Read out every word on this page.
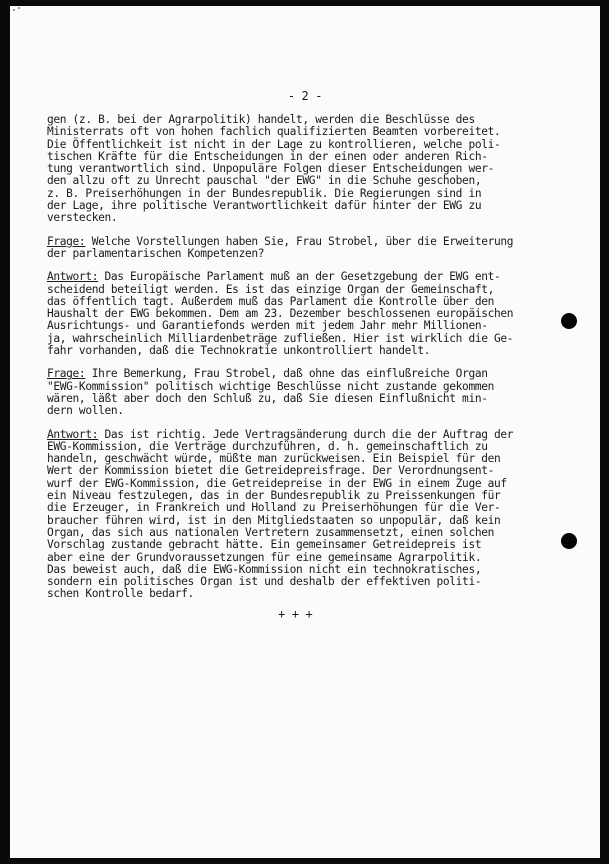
- 2 -
gen (z. B. bei der Agrarpolitik) handelt, werden die Beschlüsse des
Ministerrats oft von hohen fachlich qualifizierten Beamten vorbereitet.
Die Öffentlichkeit ist nicht in der Lage zu kontrollieren, welche poli-
tischen Kräfte für die Entscheidungen in der einen oder anderen Rich-
tung verantwortlich sind. Unpopuläre Folgen dieser Entscheidungen wer-
den allzu oft zu Unrecht pauschal "der EWG" in die Schuhe geschoben,
z. B. Preiserhöhungen in der Bundesrepublik. Die Regierungen sind in
der Lage, ihre politische Verantwortlichkeit dafür hinter der EWG zu
verstecken.
Frage: Welche Vorstellungen haben Sie, Frau Strobel, über die Erweiterung
der parlamentarischen Kompetenzen?
Antwort: Das Europäische Parlament muß an der Gesetzgebung der EWG ent-
scheidend beteiligt werden. Es ist das einzige Organ der Gemeinschaft,
das öffentlich tagt. Außerdem muß das Parlament die Kontrolle über den
Haushalt der EWG bekommen. Dem am 23. Dezember beschlossenen europäischen
Ausrichtungs- und Garantiefonds werden mit jedem Jahr mehr Millionen-
ja, wahrscheinlich Milliardenbeträge zufließen. Hier ist wirklich die Ge-
fahr vorhanden, daß die Technokratie unkontrolliert handelt.
Frage: Ihre Bemerkung, Frau Strobel, daß ohne das einflußreiche Organ
"EWG-Kommission" politisch wichtige Beschlüsse nicht zustande gekommen
wären, läßt aber doch den Schluß zu, daß Sie diesen Einflußnicht min-
dern wollen.
Antwort: Das ist richtig. Jede Vertragsänderung durch die der Auftrag der
EWG-Kommission, die Verträge durchzuführen, d. h. gemeinschaftlich zu
handeln, geschwächt würde, müßte man zurückweisen. Ein Beispiel für den
Wert der Kommission bietet die Getreidepreisfrage. Der Verordnungsent-
wurf der EWG-Kommission, die Getreidepreise in der EWG in einem Zuge auf
ein Niveau festzulegen, das in der Bundesrepublik zu Preissenkungen für
die Erzeuger, in Frankreich und Holland zu Preiserhöhungen für die Ver-
braucher führen wird, ist in den Mitgliedstaaten so unpopulär, daß kein
Organ, das sich aus nationalen Vertretern zusammensetzt, einen solchen
Vorschlag zustande gebracht hätte. Ein gemeinsamer Getreidepreis ist
aber eine der Grundvoraussetzungen für eine gemeinsame Agrarpolitik.
Das beweist auch, daß die EWG-Kommission nicht ein technokratisches,
sondern ein politisches Organ ist und deshalb der effektiven politi-
schen Kontrolle bedarf.
+ + +
